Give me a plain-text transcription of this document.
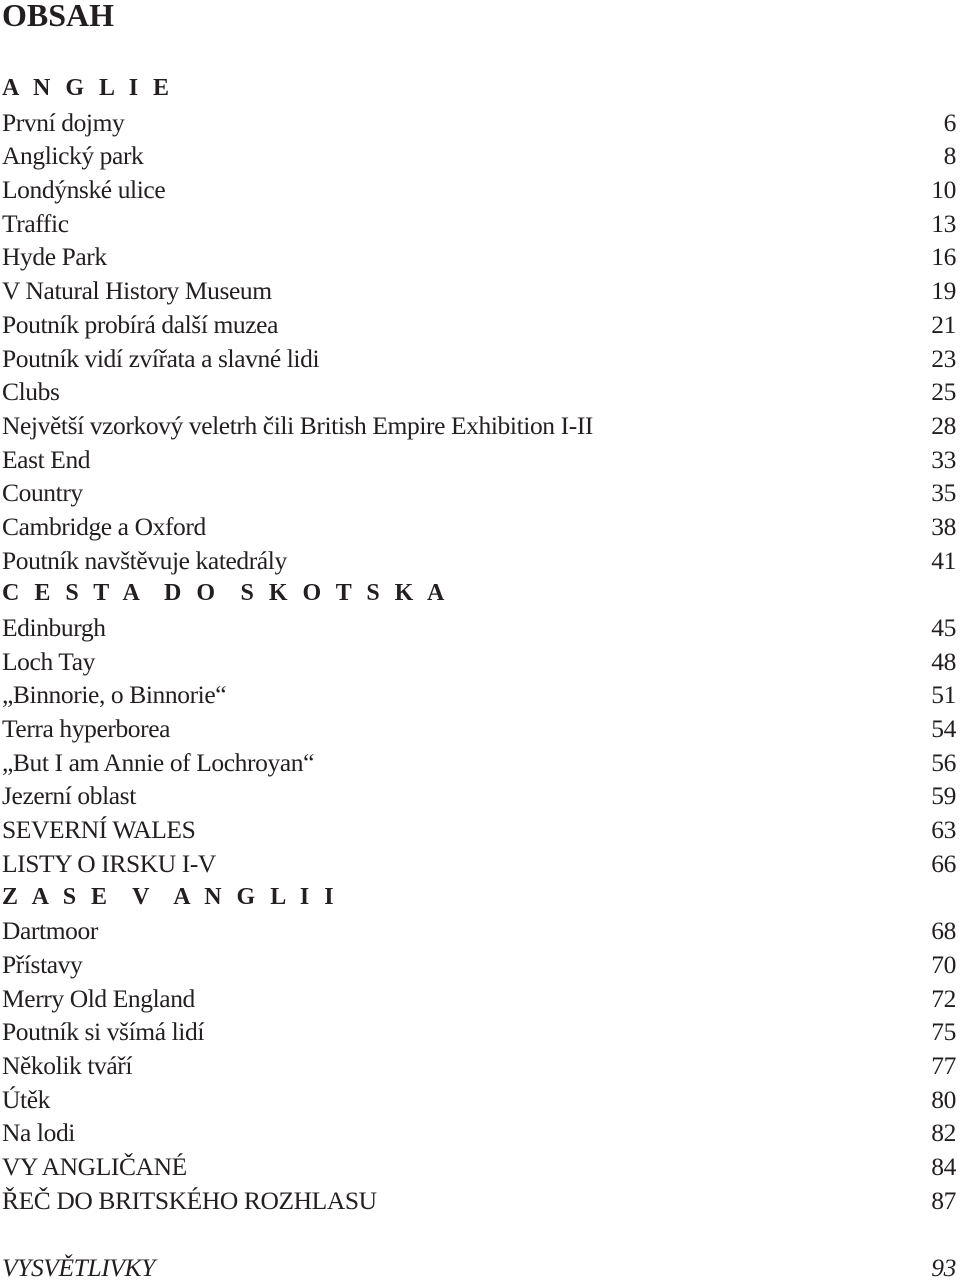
OBSAH
A N G L I E
První dojmy	6
Anglický park	8
Londýnské ulice	10
Traffic	13
Hyde Park	16
V Natural History Museum	19
Poutník probírá další muzea	21
Poutník vidí zvířata a slavné lidi	23
Clubs	25
Největší vzorkový veletrh čili British Empire Exhibition I-II	28
East End	33
Country	35
Cambridge a Oxford	38
Poutník navštěvuje katedrály	41
C E S T A  D O  S K O T S K A
Edinburgh	45
Loch Tay	48
„Binnorie, o Binnorie“	51
Terra hyperborea	54
„But I am Annie of Lochroyan“	56
Jezerní oblast	59
SEVERNÍ WALES	63
LISTY O IRSKU I-V	66
Z A S E  V  A N G L I I
Dartmoor	68
Přístavy	70
Merry Old England	72
Poutník si všímá lidí	75
Několik tváří	77
Útěk	80
Na lodi	82
VY ANGLIČANÉ	84
ŘEČ DO BRITSKÉHO ROZHLASU	87
VYSVĚTLIVKY	93
